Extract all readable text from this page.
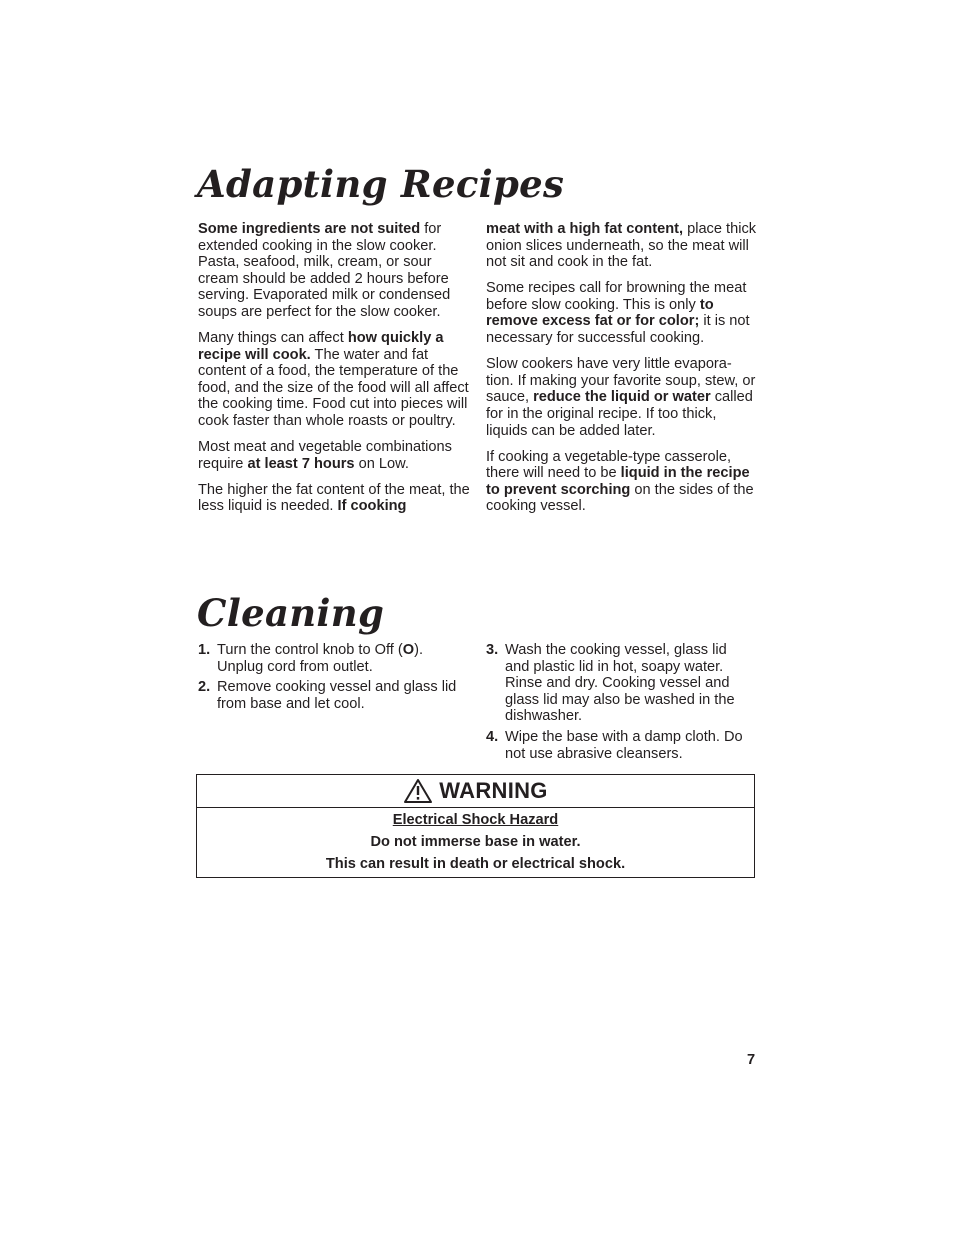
Adapting Recipes

Some ingredients are not suited for extended cooking in the slow cooker. Pasta, seafood, milk, cream, or sour cream should be added 2 hours before serving. Evaporated milk or condensed soups are perfect for the slow cooker.

Many things can affect how quickly a recipe will cook. The water and fat content of a food, the temperature of the food, and the size of the food will all affect the cooking time. Food cut into pieces will cook faster than whole roasts or poultry.

Most meat and vegetable combinations require at least 7 hours on Low.

The higher the fat content of the meat, the less liquid is needed. If cooking

meat with a high fat content, place thick onion slices underneath, so the meat will not sit and cook in the fat.

Some recipes call for browning the meat before slow cooking. This is only to remove excess fat or for color; it is not necessary for successful cooking.

Slow cookers have very little evapora-tion. If making your favorite soup, stew, or sauce, reduce the liquid or water called for in the original recipe. If too thick, liquids can be added later.

If cooking a vegetable-type casserole, there will need to be liquid in the recipe to prevent scorching on the sides of the cooking vessel.

Cleaning
1. Turn the control knob to Off (O). Unplug cord from outlet.
2. Remove cooking vessel and glass lid from base and let cool.
3. Wash the cooking vessel, glass lid and plastic lid in hot, soapy water. Rinse and dry. Cooking vessel and glass lid may also be washed in the dishwasher.
4. Wipe the base with a damp cloth. Do not use abrasive cleansers.
WARNING
Electrical Shock Hazard
Do not immerse base in water.
This can result in death or electrical shock.
7
